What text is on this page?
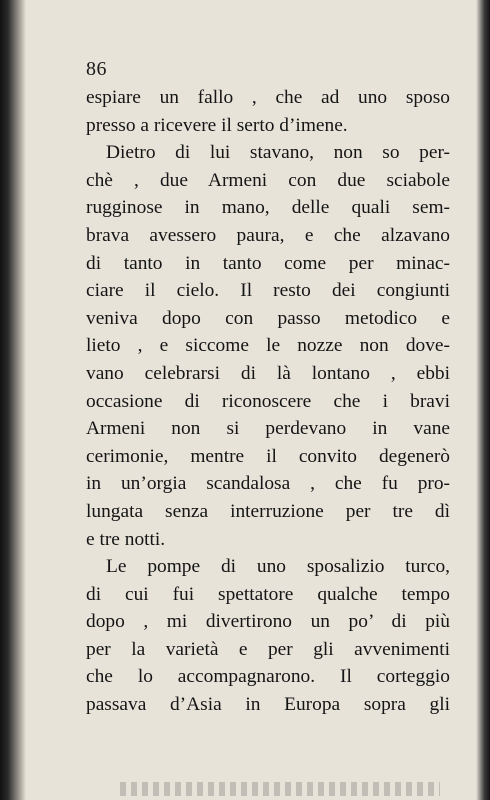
86
espiare un fallo , che ad uno sposo
presso a ricevere il serto d’imene.
Dietro di lui stavano, non so per-
chè , due Armeni con due sciabole
rugginose in mano, delle quali sem-
brava avessero paura, e che alzavano
di tanto in tanto come per minac-
ciare il cielo. Il resto dei congiunti
veniva dopo con passo metodico e
lieto , e siccome le nozze non dove-
vano celebrarsi di là lontano , ebbi
occasione di riconoscere che i bravi
Armeni non si perdevano in vane
cerimonie, mentre il convito degenerò
in un’orgia scandalosa , che fu pro-
lungata senza interruzione per tre dì
e tre notti.
Le pompe di uno sposalizio turco,
di cui fui spettatore qualche tempo
dopo , mi divertirono un po’ di più
per la varietà e per gli avvenimenti
che lo accompagnarono. Il corteggio
passava d’Asia in Europa sopra gli
